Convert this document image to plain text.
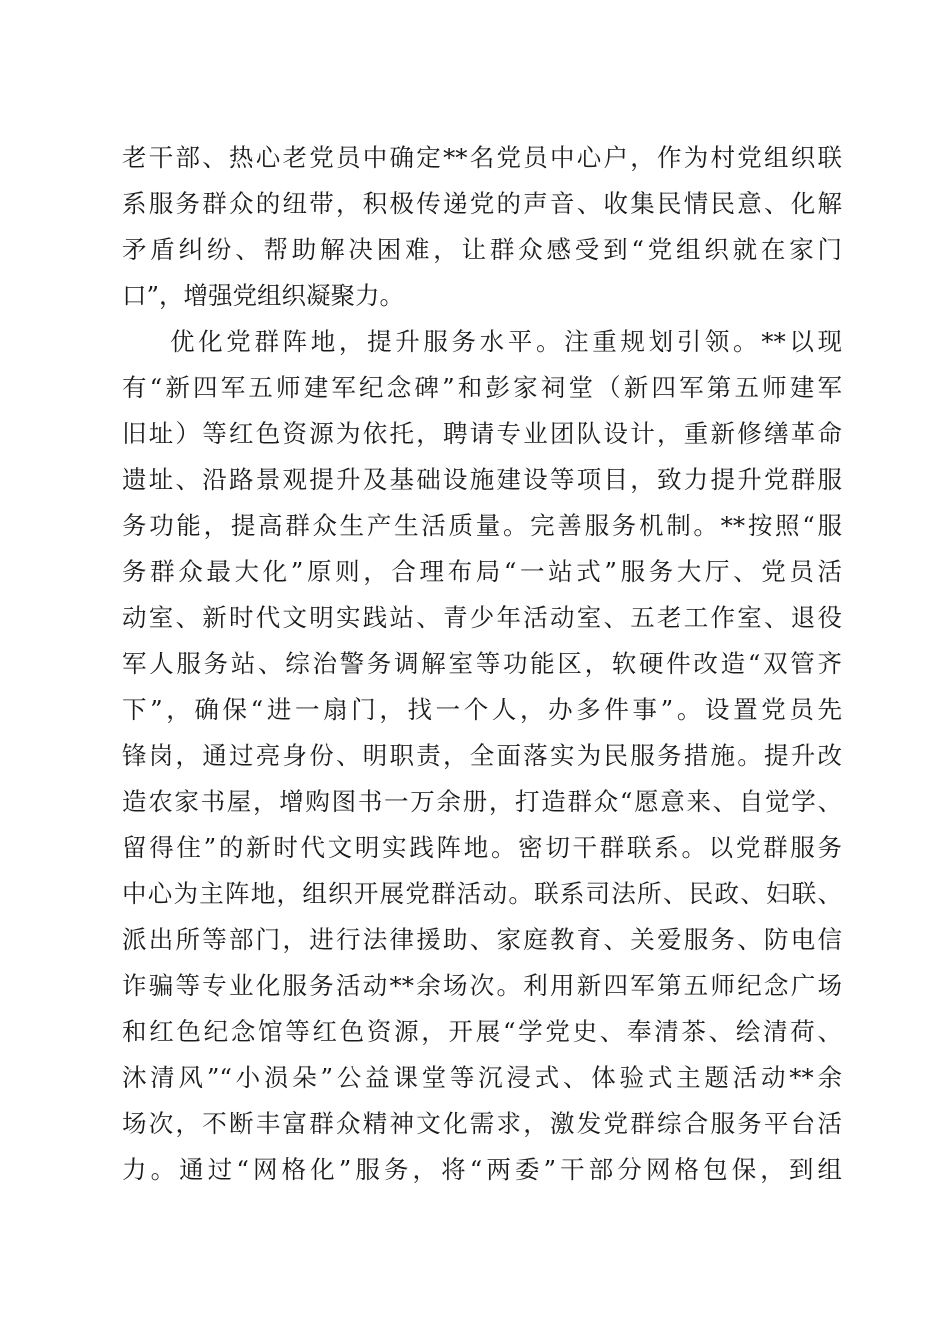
老干部、热心老党员中确定**名党员中心户，作为村党组织联
系服务群众的纽带，积极传递党的声音、收集民情民意、化解
矛盾纠纷、帮助解决困难，让群众感受到“党组织就在家门
口”，增强党组织凝聚力。
优化党群阵地，提升服务水平。注重规划引领。**以现
有“新四军五师建军纪念碑”和彭家祠堂（新四军第五师建军
旧址）等红色资源为依托，聘请专业团队设计，重新修缮革命
遗址、沿路景观提升及基础设施建设等项目，致力提升党群服
务功能，提高群众生产生活质量。完善服务机制。**按照“服
务群众最大化”原则，合理布局“一站式”服务大厅、党员活
动室、新时代文明实践站、青少年活动室、五老工作室、退役
军人服务站、综治警务调解室等功能区，软硬件改造“双管齐
下”，确保“进一扇门，找一个人，办多件事”。设置党员先
锋岗，通过亮身份、明职责，全面落实为民服务措施。提升改
造农家书屋，增购图书一万余册，打造群众“愿意来、自觉学、
留得住”的新时代文明实践阵地。密切干群联系。以党群服务
中心为主阵地，组织开展党群活动。联系司法所、民政、妇联、
派出所等部门，进行法律援助、家庭教育、关爱服务、防电信
诈骗等专业化服务活动**余场次。利用新四军第五师纪念广场
和红色纪念馆等红色资源，开展“学党史、奉清茶、绘清荷、
沐清风”“小涢朵”公益课堂等沉浸式、体验式主题活动**余
场次，不断丰富群众精神文化需求，激发党群综合服务平台活
力。通过“网格化”服务，将“两委”干部分网格包保，到组
